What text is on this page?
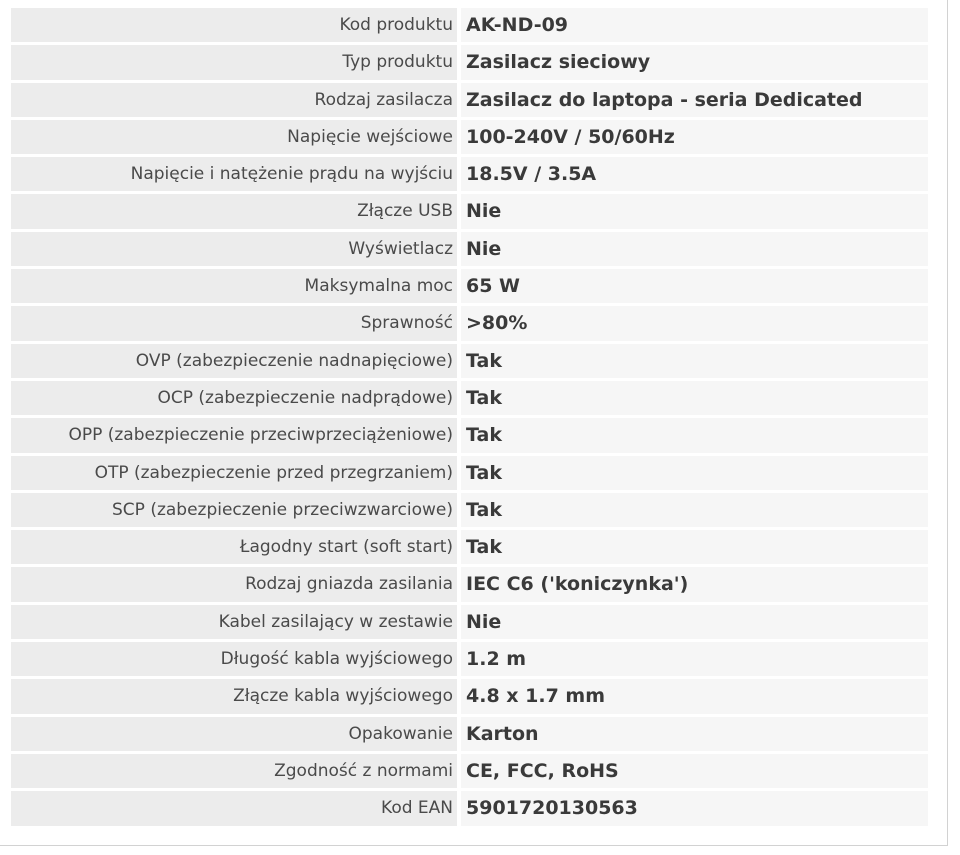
Kod produktu AK-ND-09
Typ produktu Zasilacz sieciowy
Rodzaj zasilacza Zasilacz do laptopa - seria Dedicated
Napięcie wejściowe 100-240V / 50/60Hz
Napięcie i natężenie prądu na wyjściu 18.5V / 3.5A
Złącze USB Nie
Wyświetlacz Nie
Maksymalna moc 65 W
Sprawność >80%
OVP (zabezpieczenie nadnapięciowe) Tak
OCP (zabezpieczenie nadprądowe) Tak
OPP (zabezpieczenie przeciwprzeciążeniowe) Tak
OTP (zabezpieczenie przed przegrzaniem) Tak
SCP (zabezpieczenie przeciwzwarciowe) Tak
Łagodny start (soft start) Tak
Rodzaj gniazda zasilania IEC C6 ('koniczynka')
Kabel zasilający w zestawie Nie
Długość kabla wyjściowego 1.2 m
Złącze kabla wyjściowego 4.8 x 1.7 mm
Opakowanie Karton
Zgodność z normami CE, FCC, RoHS
Kod EAN 5901720130563
